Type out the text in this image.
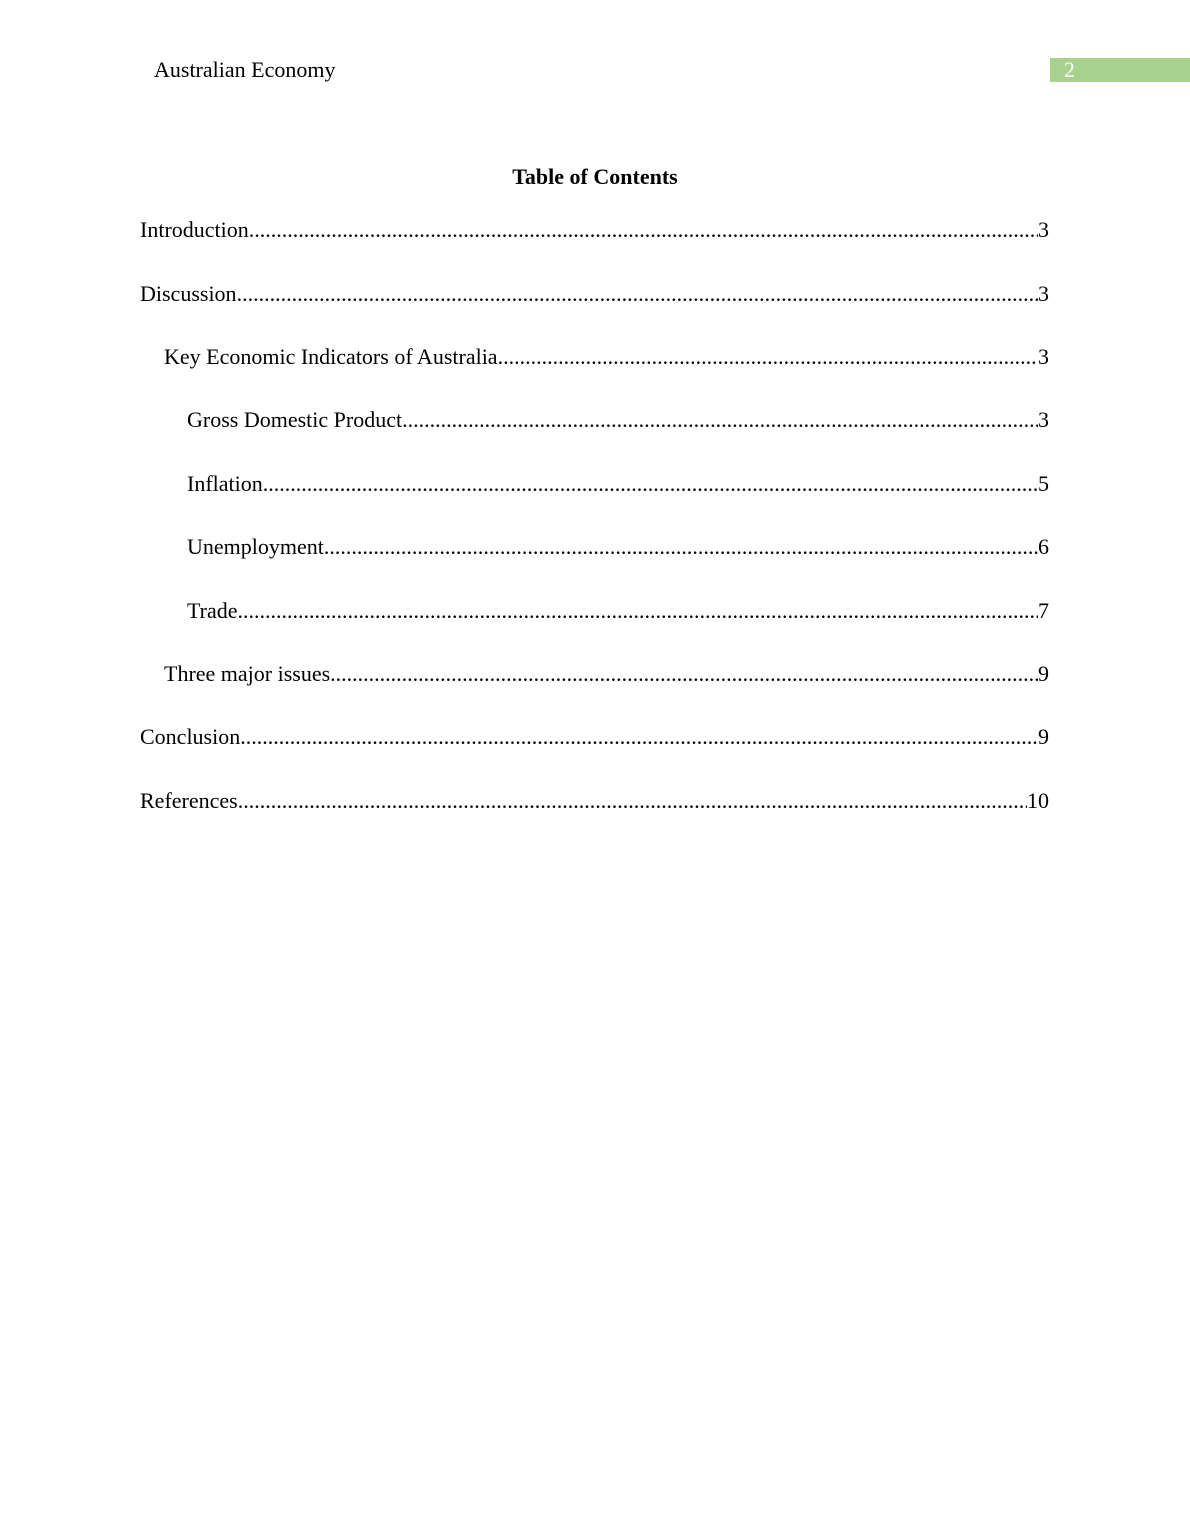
Australian Economy	2
Table of Contents
Introduction .....	3
Discussion .....	3
Key Economic Indicators of Australia .....	3
Gross Domestic Product .....	3
Inflation .....	5
Unemployment .....	6
Trade .....	7
Three major issues .....	9
Conclusion .....	9
References .....	10
